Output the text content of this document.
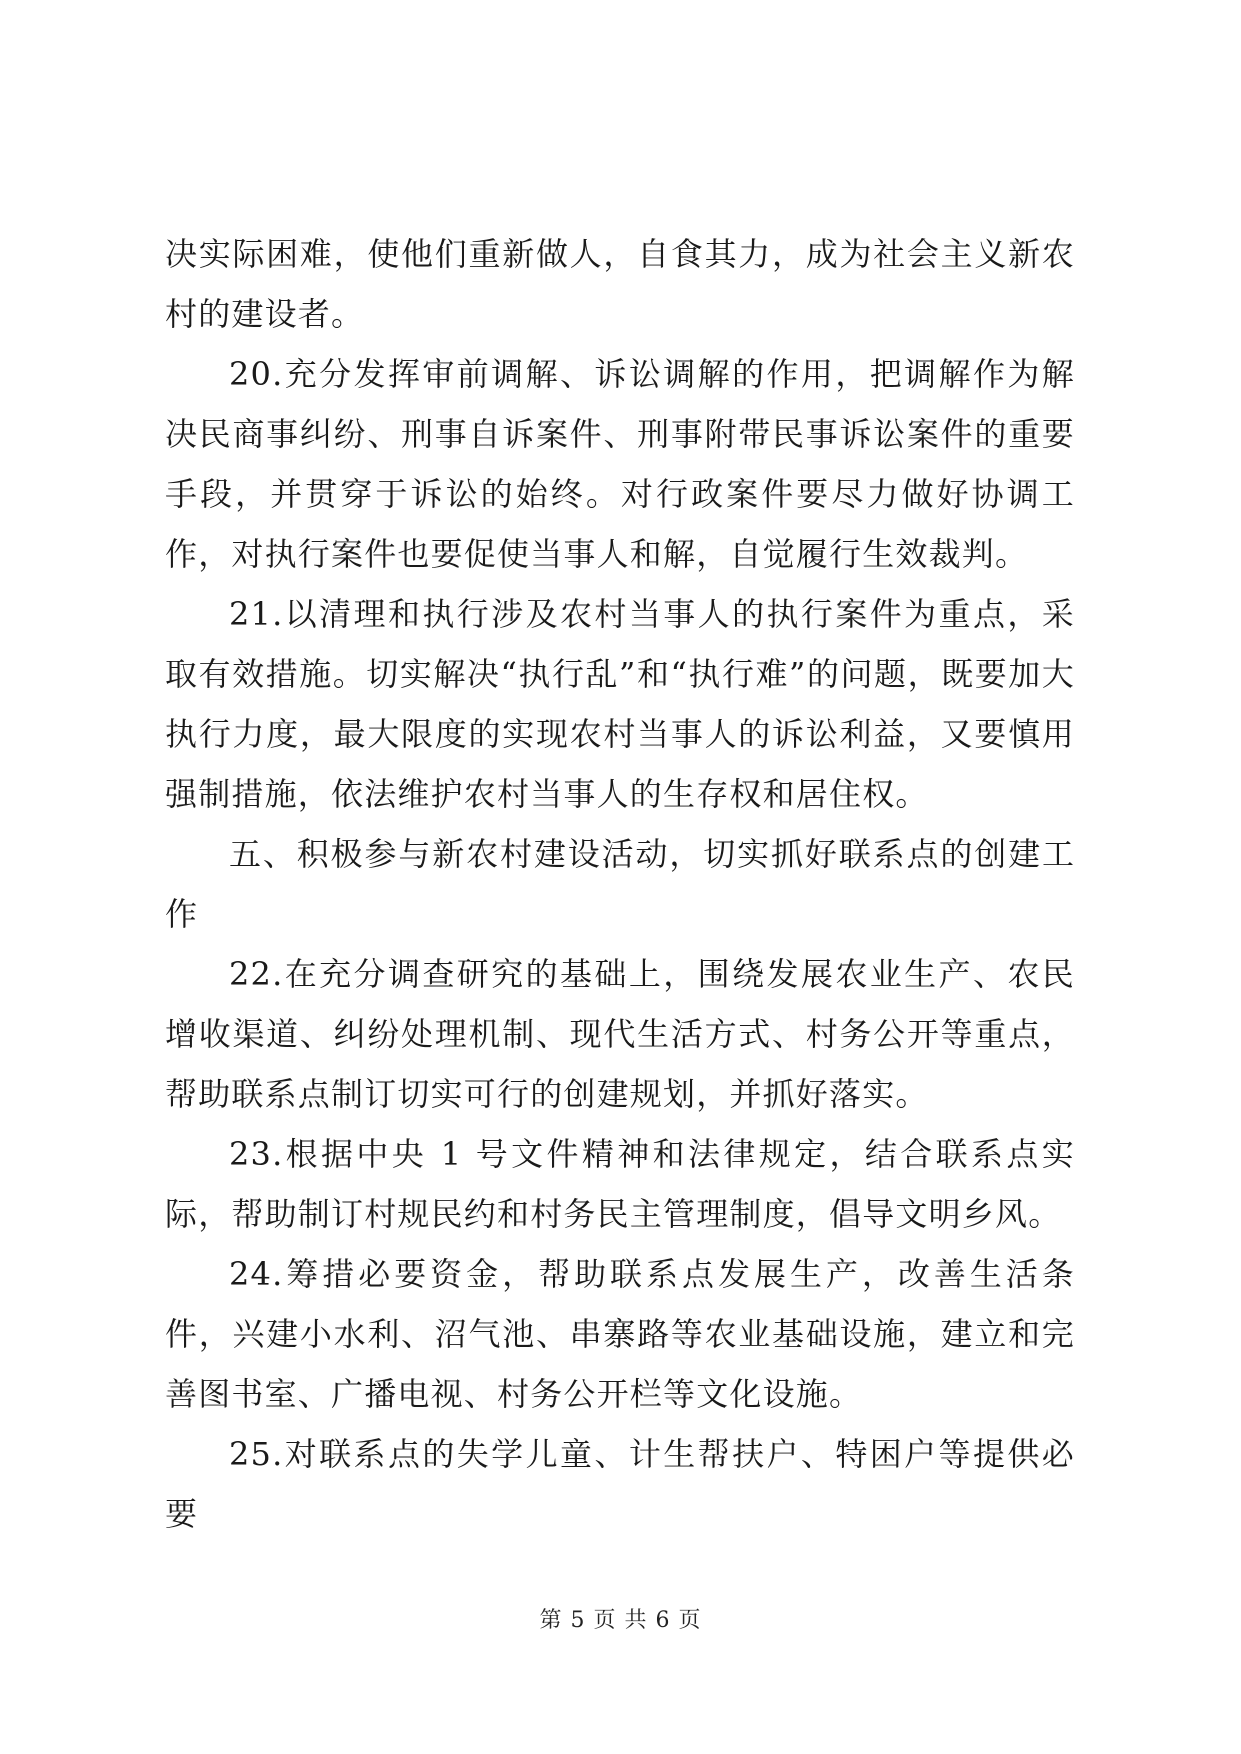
决实际困难，使他们重新做人，自食其力，成为社会主义新农村的建设者。

20.充分发挥审前调解、诉讼调解的作用，把调解作为解决民商事纠纷、刑事自诉案件、刑事附带民事诉讼案件的重要手段，并贯穿于诉讼的始终。对行政案件要尽力做好协调工作，对执行案件也要促使当事人和解，自觉履行生效裁判。

21.以清理和执行涉及农村当事人的执行案件为重点，采取有效措施。切实解决“执行乱”和“执行难”的问题，既要加大执行力度，最大限度的实现农村当事人的诉讼利益，又要慎用强制措施，依法维护农村当事人的生存权和居住权。

五、积极参与新农村建设活动，切实抓好联系点的创建工作

22.在充分调查研究的基础上，围绕发展农业生产、农民增收渠道、纠纷处理机制、现代生活方式、村务公开等重点，帮助联系点制订切实可行的创建规划，并抓好落实。

23.根据中央 1 号文件精神和法律规定，结合联系点实际，帮助制订村规民约和村务民主管理制度，倡导文明乡风。

24.筹措必要资金，帮助联系点发展生产，改善生活条件，兴建小水利、沼气池、串寨路等农业基础设施，建立和完善图书室、广播电视、村务公开栏等文化设施。

25.对联系点的失学儿童、计生帮扶户、特困户等提供必要

第 5 页 共 6 页
